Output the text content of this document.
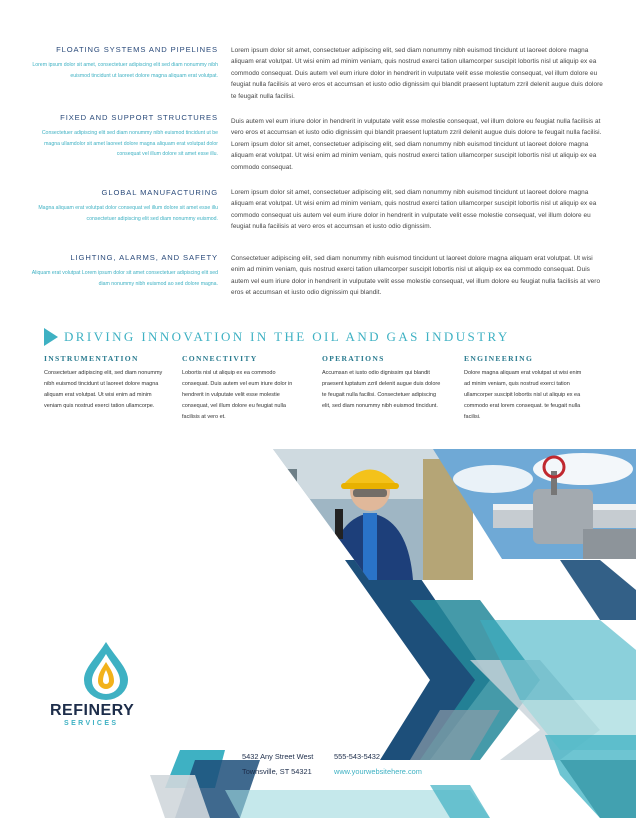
FLOATING SYSTEMS AND PIPELINES
Lorem ipsum dolor sit amet, consectetuer adipiscing elit sed diam nonummy nibh euismod tincidunt ut laoreet dolore magna aliquam erat volutpat.
Lorem ipsum dolor sit amet, consectetuer adipiscing elit, sed diam nonummy nibh euismod tincidunt ut laoreet dolore magna aliquam erat volutpat. Ut wisi enim ad minim veniam, quis nostrud exerci tation ullamcorper suscipit lobortis nisl ut aliquip ex ea commodo consequat. Duis autem vel eum iriure dolor in hendrerit in vulputate velit esse molestie consequat, vel illum dolore eu feugiat nulla facilisis at vero eros et accumsan et iusto odio dignissim qui blandit praesent luptatum zzril delenit augue duis dolore te feugait nulla facilisi.
FIXED AND SUPPORT STRUCTURES
Consectetuer adipiscing elit sed diam nonummy nibh euismod tincidunt ut be magna ullamdolor sit amet laoreet dolore magna aliquam erat volutpat dolor consequat vel illum dolore sit amet esse illu.
Duis autem vel eum iriure dolor in hendrerit in vulputate velit esse molestie consequat, vel illum dolore eu feugiat nulla facilisis at vero eros et accumsan et iusto odio dignissim qui blandit praesent luptatum zzril delenit augue duis dolore te feugait nulla facilisi. Lorem ipsum dolor sit amet, consectetuer adipiscing elit, sed diam nonummy nibh euismod tincidunt ut laoreet dolore magna aliquam erat volutpat. Ut wisi enim ad minim veniam, quis nostrud exerci tation ullamcorper suscipit lobortis nisl ut aliquip ex ea commodo consequat.
GLOBAL MANUFACTURING
Magna aliquam erat volutpat dolor consequat vel illum dolore sit amet esse illu consectetuer adipiscing elit sed diam nonummy euismod.
Lorem ipsum dolor sit amet, consectetuer adipiscing elit, sed diam nonummy nibh euismod tincidunt ut laoreet dolore magna aliquam erat volutpat. Ut wisi enim ad minim veniam, quis nostrud exerci tation ullamcorper suscipit lobortis nisl ut aliquip ex ea commodo consequat uis autem vel eum iriure dolor in hendrerit in vulputate velit esse molestie consequat, vel illum dolore eu feugiat nulla facilisis at vero eros et accumsan et iusto odio dignissim.
LIGHTING, ALARMS, AND SAFETY
Aliquam erat volutpat Lorem ipsum dolor sit amet consectetuer adipiscing elit sed diam nonummy nibh euismod ao sed dolore magna.
Consectetuer adipiscing elit, sed diam nonummy nibh euismod tincidunt ut laoreet dolore magna aliquam erat volutpat. Ut wisi enim ad minim veniam, quis nostrud exerci tation ullamcorper suscipit lobortis nisl ut aliquip ex ea commodo consequat. Duis autem vel eum iriure dolor in hendrerit in vulputate velit esse molestie consequat, vel illum dolore eu feugiat nulla facilisis at vero eros et accumsan et iusto odio dignissim qui blandit.
DRIVING INNOVATION IN THE OIL AND GAS INDUSTRY
INSTRUMENTATION
Consectetuer adipiscing elit, sed diam nonummy nibh euismod tincidunt ut laoreet dolore magna aliquam erat volutpat. Ut wisi enim ad minim veniam quis nostrud exerci tation ullamcorpe.
CONNECTIVITY
Lobortis nisl ut aliquip ex ea commodo consequat. Duis autem vel eum iriure dolor in hendrerit in vulputate velit esse molestie consequat, vel illum dolore eu feugiat nulla facilisis at vero et.
OPERATIONS
Accumsan et iusto odio dignissim qui blandit praesent luptatum zzril delenit augue duis dolore te feugait nulla facilisi. Consectetuer adipiscing elit, sed diam nonummy nibh euismod tincidunt.
ENGINEERING
Dolore magna aliquam erat volutpat ut wisi enim ad minim veniam, quis nostrud exerci tation ullamcorper suscipit lobortis nisl ut aliquip ex ea commodo erat lorem consequat. te feugait nulla facilisi.
REFINERY
SERVICES
5432 Any Street West
Townsville, ST 54321
555-543-5432
www.yourwebsitehere.com
